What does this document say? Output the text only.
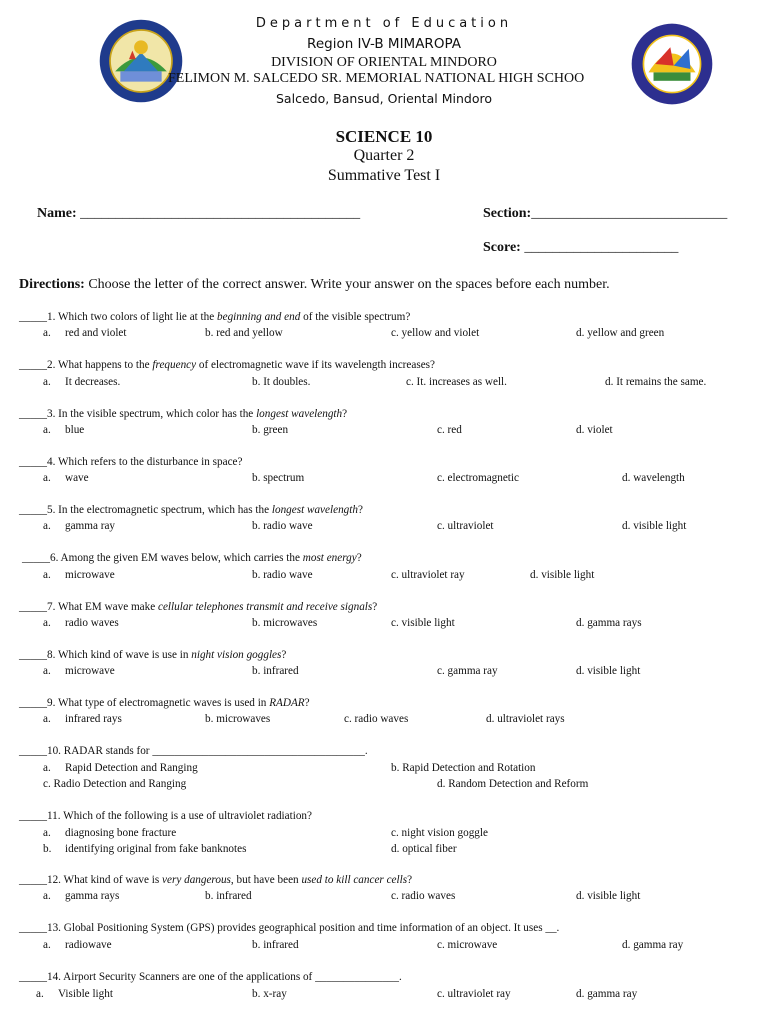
Department of Education
Region IV-B MIMAROPA
DIVISION OF ORIENTAL MINDORO
FELIMON M. SALCEDO SR. MEMORIAL NATIONAL HIGH SCHOO
Salcedo, Bansud, Oriental Mindoro
SCIENCE 10
Quarter 2
Summative Test I
Name: ________________________________________	Section:____________________________
Score: ______________________
Directions: Choose the letter of the correct answer. Write your answer on the spaces before each number.
_____1. Which two colors of light lie at the beginning and end of the visible spectrum?
a. red and violet	b. red and yellow	c. yellow and violet	d. yellow and green
_____2. What happens to the frequency of electromagnetic wave if its wavelength increases?
a. It decreases.	b. It doubles.	c. It. increases as well.	d. It remains the same.
_____3. In the visible spectrum, which color has the longest wavelength?
a. blue	b. green	c. red	d. violet
_____4. Which refers to the disturbance in space?
a. wave	b. spectrum	c. electromagnetic	d. wavelength
_____5. In the electromagnetic spectrum, which has the longest wavelength?
a. gamma ray	b. radio wave	c. ultraviolet	d. visible light
_____6. Among the given EM waves below, which carries the most energy?
a. microwave	b. radio wave	c. ultraviolet ray	d. visible light
_____7. What EM wave make cellular telephones transmit and receive signals?
a. radio waves	b. microwaves	c. visible light	d. gamma rays
_____8. Which kind of wave is use in night vision goggles?
a. microwave	b. infrared	c. gamma ray	d. visible light
_____9. What type of electromagnetic waves is used in RADAR?
a. infrared rays	b. microwaves	c. radio waves	d. ultraviolet rays
_____10. RADAR stands for ______________________________________.
a. Rapid Detection and Ranging	b. Rapid Detection and Rotation
c. Radio Detection and Ranging	d. Random Detection and Reform
_____11. Which of the following is a use of ultraviolet radiation?
a. diagnosing bone fracture	c. night vision goggle
b. identifying original from fake banknotes	d. optical fiber
_____12. What kind of wave is very dangerous, but have been used to kill cancer cells?
a. gamma rays	b. infrared	c. radio waves	d. visible light
_____13. Global Positioning System (GPS) provides geographical position and time information of an object. It uses __.
a. radiowave	b. infrared	c. microwave	d. gamma ray
_____14. Airport Security Scanners are one of the applications of _______________.
a. Visible light	b. x-ray	c. ultraviolet ray	d. gamma ray
